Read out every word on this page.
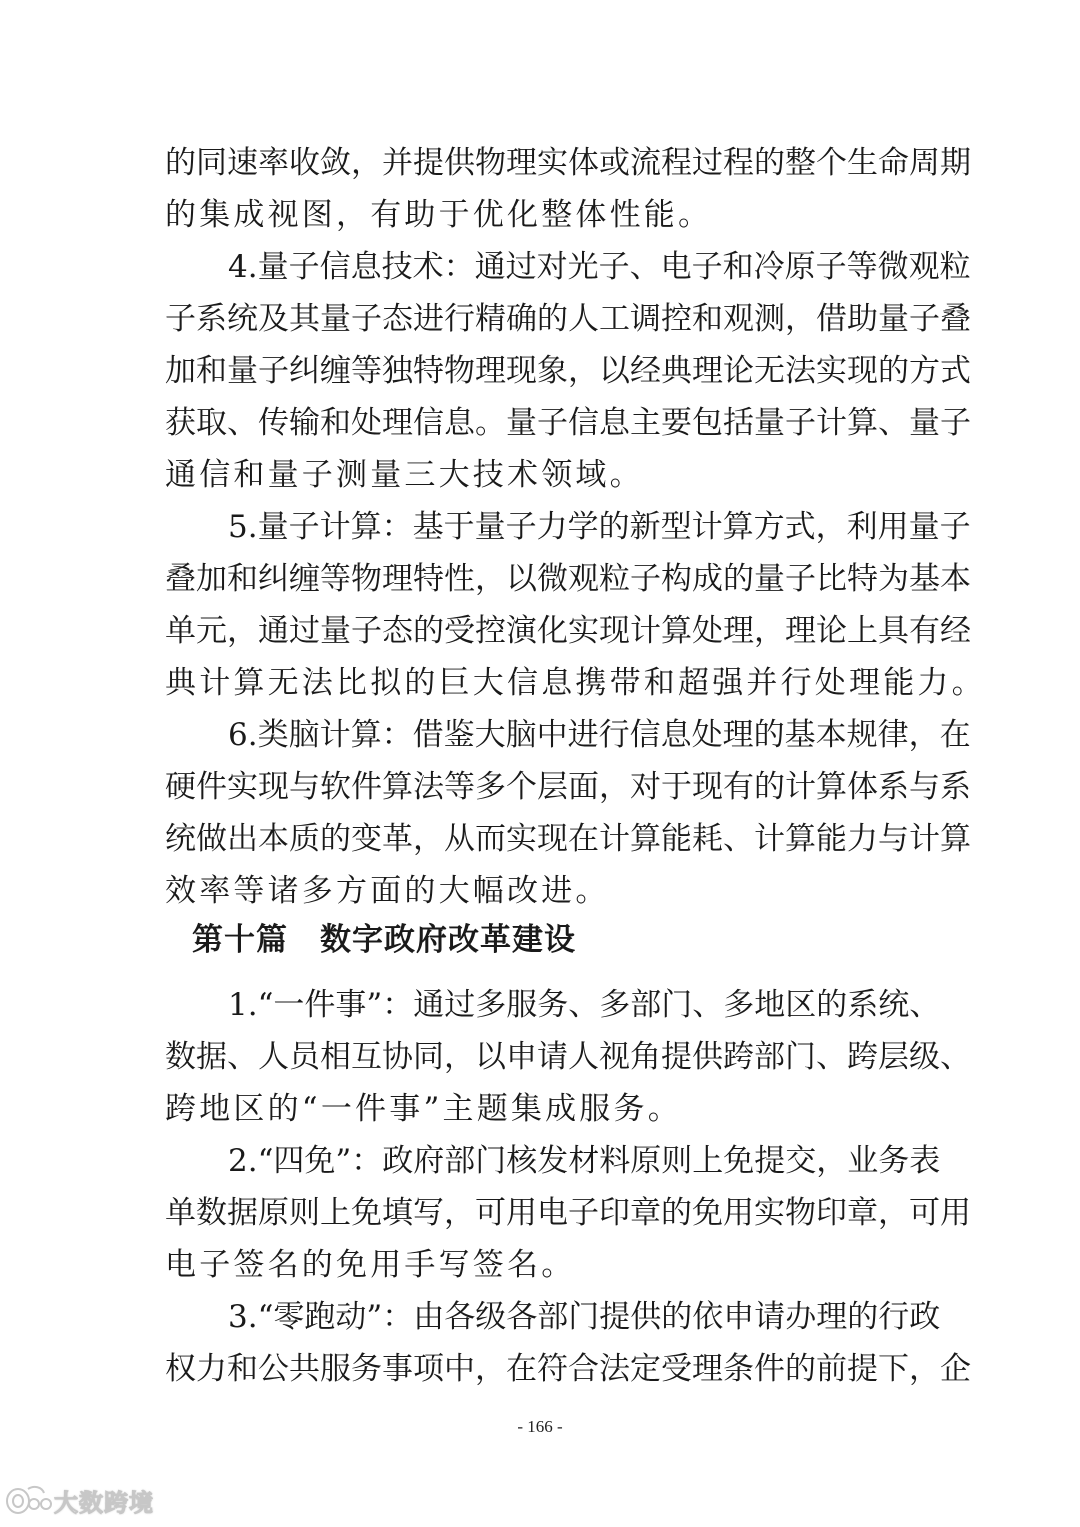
的同速率收敛，并提供物理实体或流程过程的整个生命周期
的集成视图，有助于优化整体性能。
4.量子信息技术：通过对光子、电子和冷原子等微观粒
子系统及其量子态进行精确的人工调控和观测，借助量子叠
加和量子纠缠等独特物理现象，以经典理论无法实现的方式
获取、传输和处理信息。量子信息主要包括量子计算、量子
通信和量子测量三大技术领域。
5.量子计算：基于量子力学的新型计算方式，利用量子
叠加和纠缠等物理特性，以微观粒子构成的量子比特为基本
单元，通过量子态的受控演化实现计算处理，理论上具有经
典计算无法比拟的巨大信息携带和超强并行处理能力。
6.类脑计算：借鉴大脑中进行信息处理的基本规律，在
硬件实现与软件算法等多个层面，对于现有的计算体系与系
统做出本质的变革，从而实现在计算能耗、计算能力与计算
效率等诸多方面的大幅改进。
第十篇　数字政府改革建设
1.“一件事”：通过多服务、多部门、多地区的系统、
数据、人员相互协同，以申请人视角提供跨部门、跨层级、
跨地区的“一件事”主题集成服务。
2.“四免”：政府部门核发材料原则上免提交，业务表
单数据原则上免填写，可用电子印章的免用实物印章，可用
电子签名的免用手写签名。
3.“零跑动”：由各级各部门提供的依申请办理的行政
权力和公共服务事项中，在符合法定受理条件的前提下，企
- 166 -
大数跨境
